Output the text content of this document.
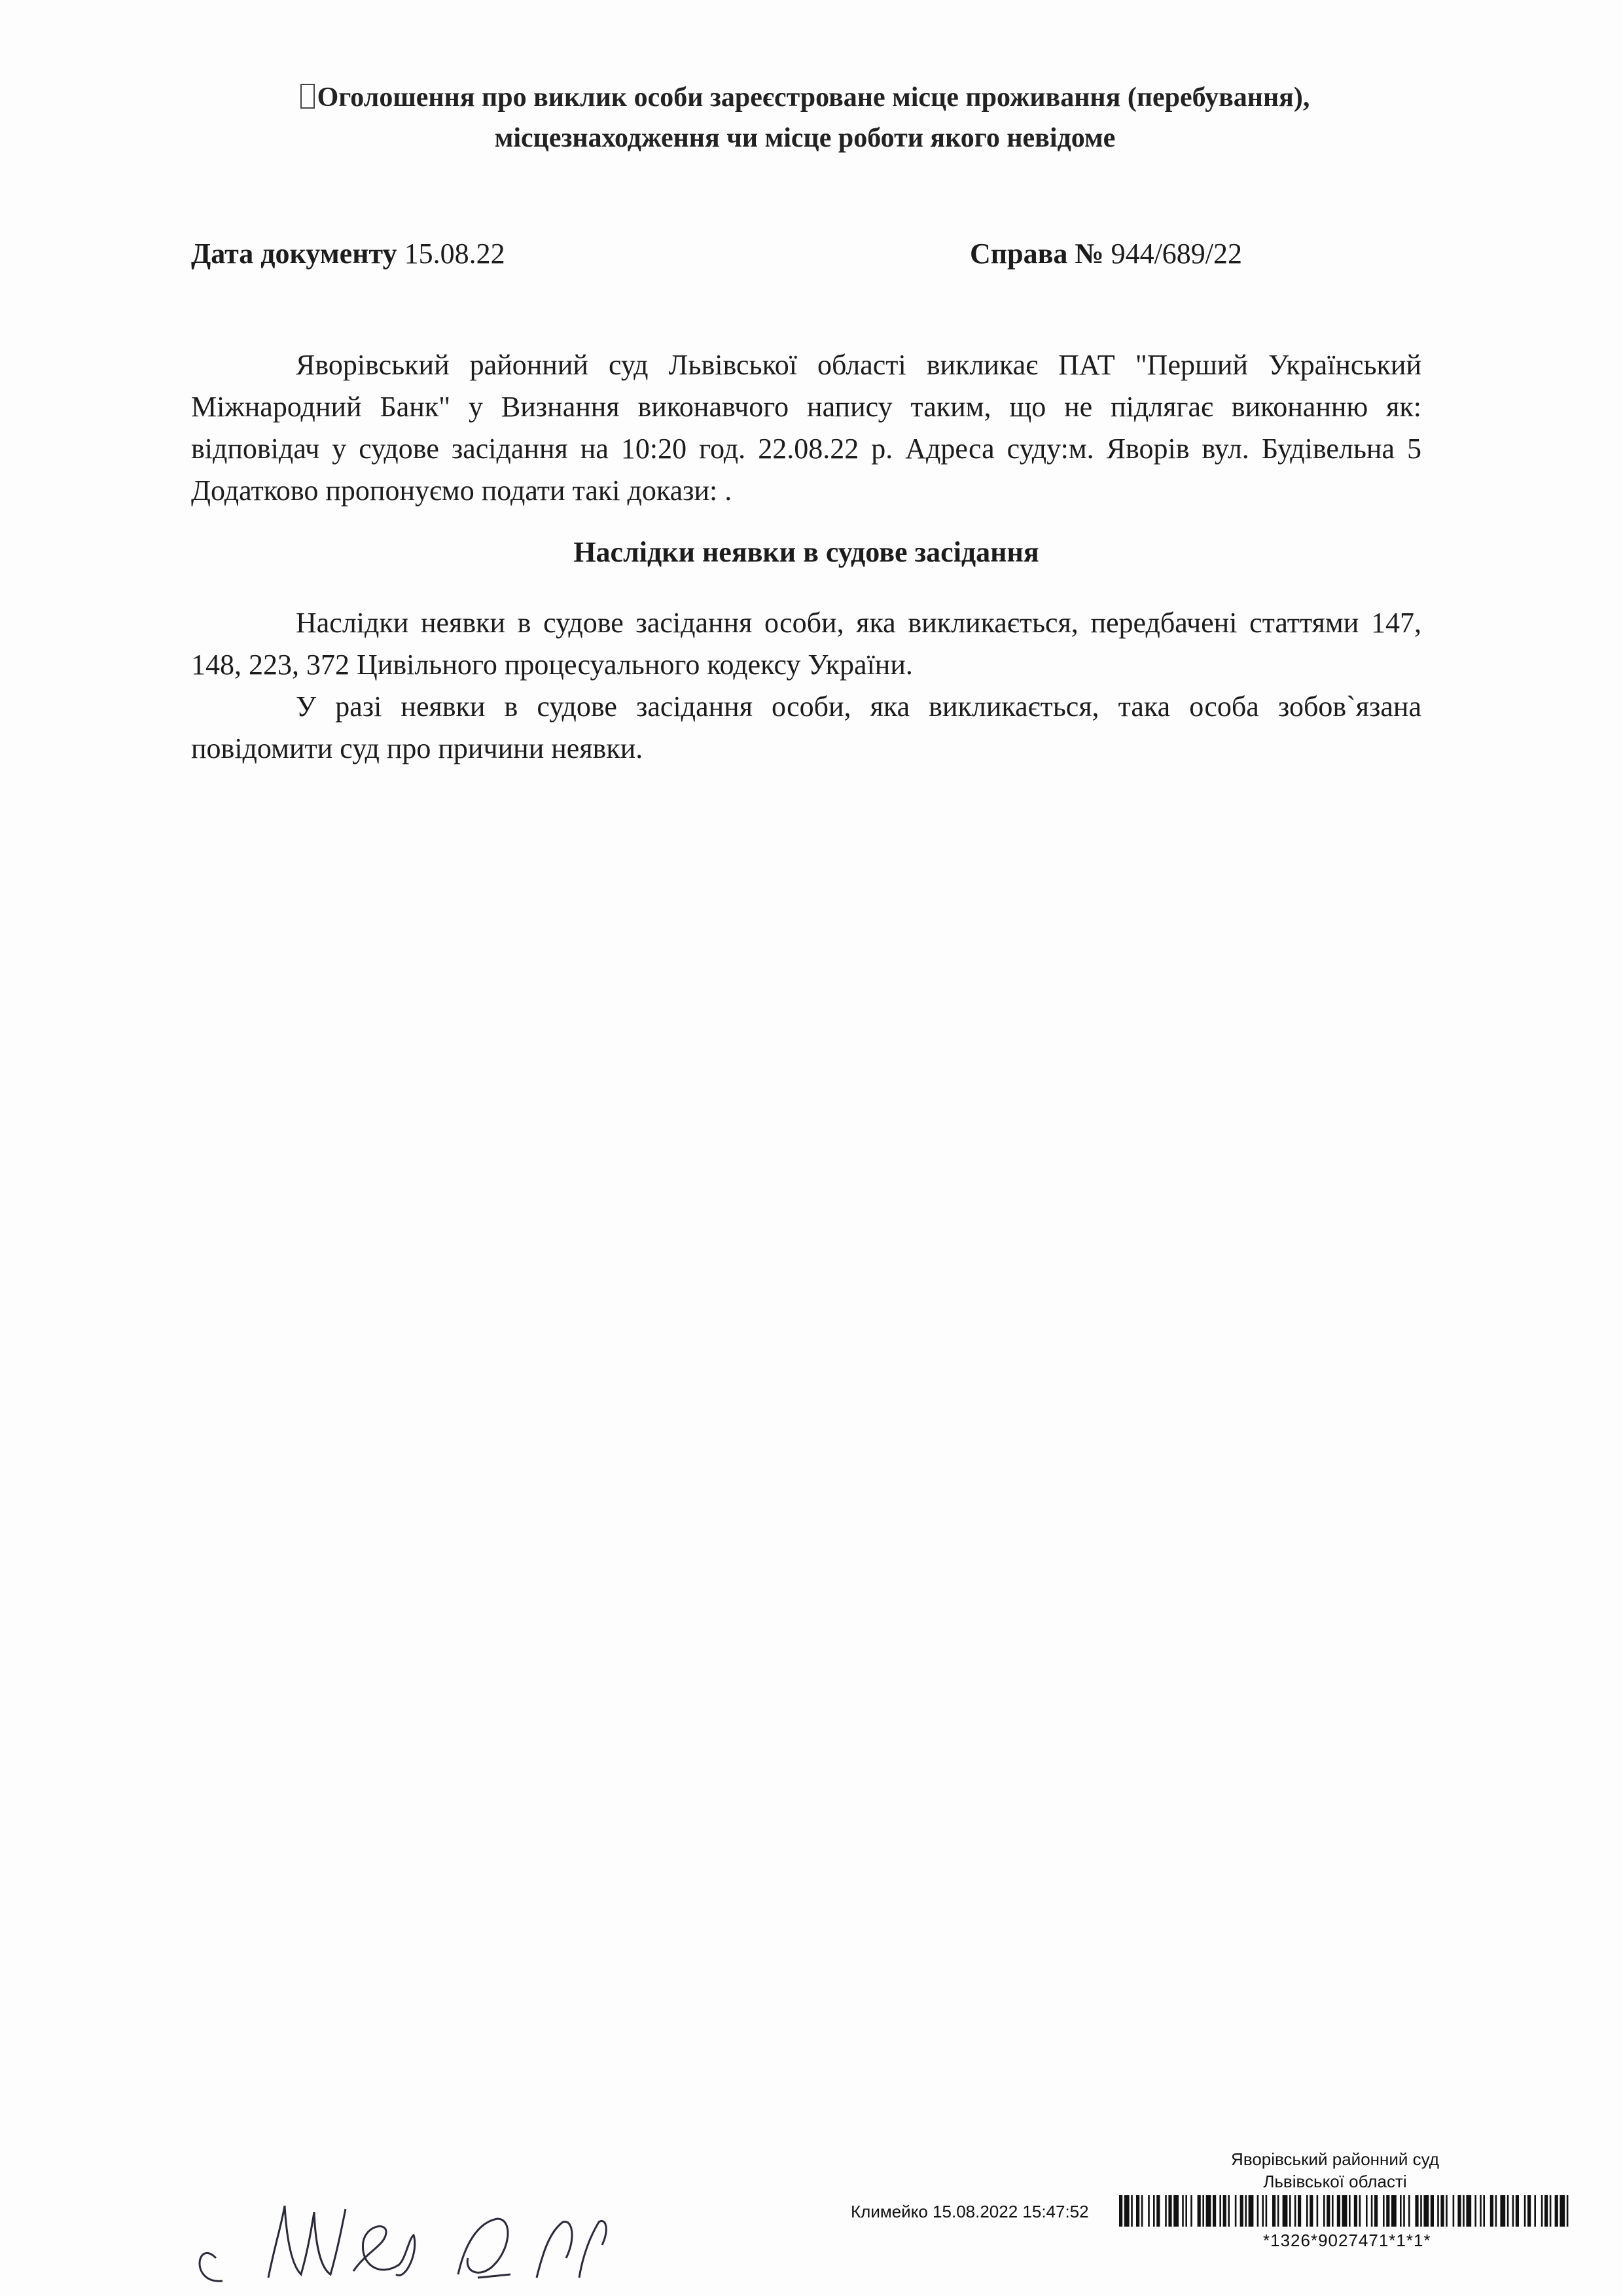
Оголошення про виклик особи зареєстроване місце проживання (перебування),
місцезнаходження чи місце роботи якого невідоме
Дата документу 15.08.22	Справа № 944/689/22
Яворівський районний суд Львівської області викликає ПАТ "Перший Український Міжнародний Банк" у Визнання виконавчого напису таким, що не підлягає виконанню як: відповідач у судове засідання на 10:20 год. 22.08.22 р. Адреса суду:м. Яворів вул. Будівельна 5 Додатково пропонуємо подати такі докази: .
Наслідки неявки в судове засідання
Наслідки неявки в судове засідання особи, яка викликається, передбачені статтями 147, 148, 223, 372 Цивільного процесуального кодексу України.
У разі неявки в судове засідання особи, яка викликається, така особа зобов`язана повідомити суд про причини неявки.
Яворівський районний суд
Львівської області
Климейко 15.08.2022 15:47:52
*1326*9027471*1*1*
